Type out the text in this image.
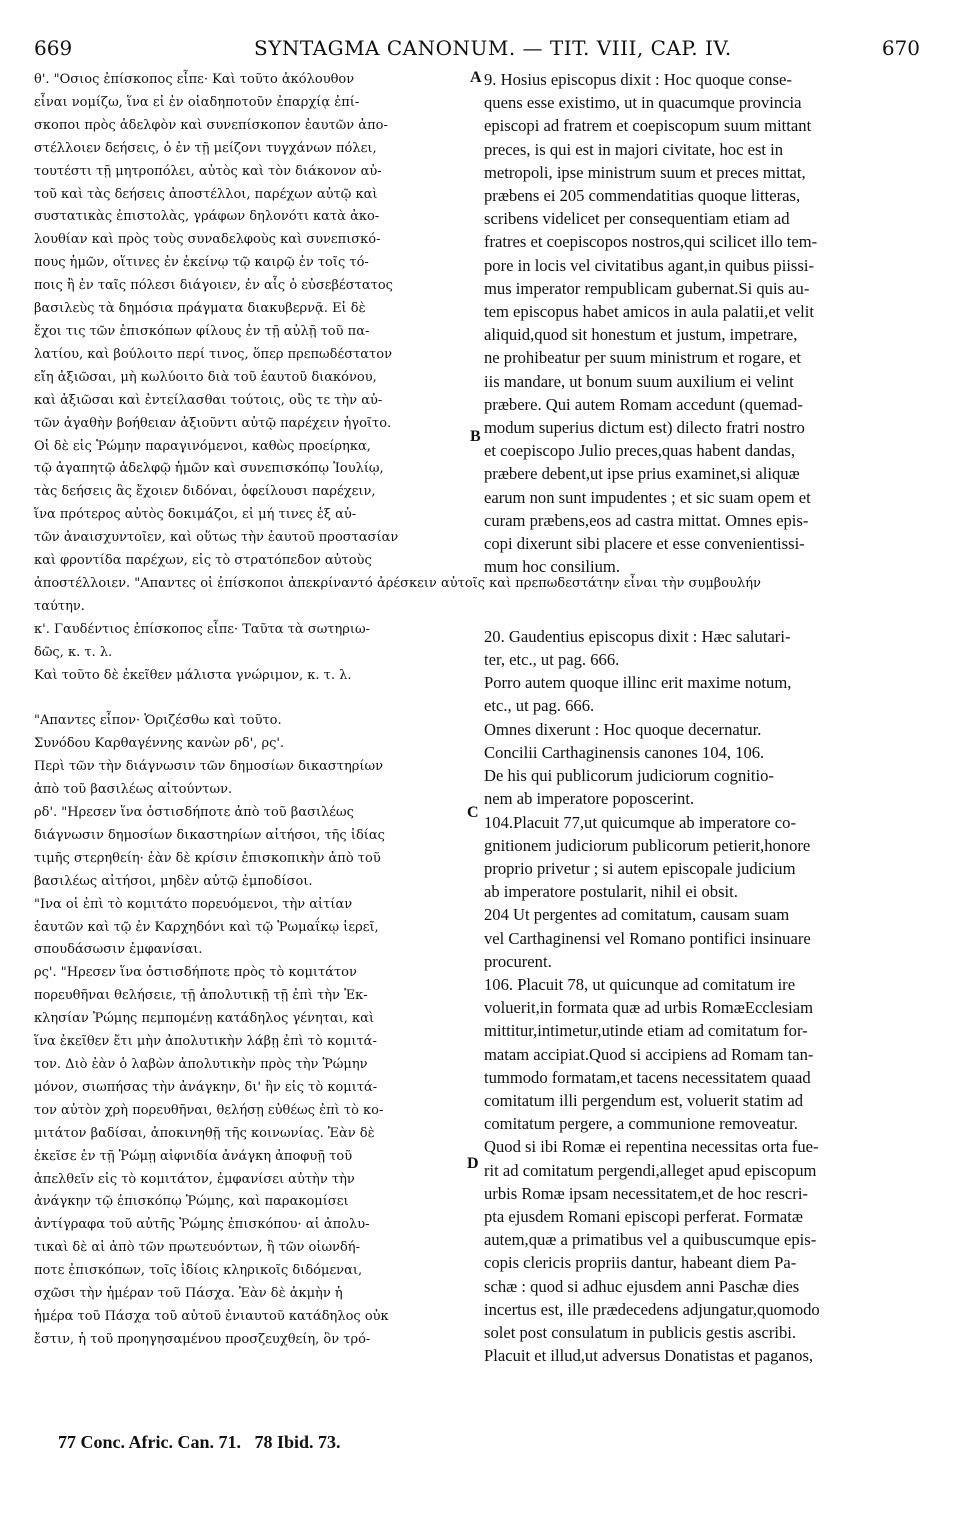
669	SYNTAGMA CANONUM. — TIT. VIII, CAP. IV.	670
θ'. "Οσιος ἐπίσκοπος εἶπε· Καὶ τοῦτο ἀκόλουθον
εἶναι νομίζω, ἵνα εἰ ἐν οἱαδηποτοῦν ἐπαρχίᾳ ἐπί-
σκοποι πρὸς ἀδελφὸν καὶ συνεπίσκοπον ἑαυτῶν ἀπο-
στέλλοιεν δεήσεις, ὁ ἐν τῇ μείζονι τυγχάνων πόλει,
τουτέστι τῇ μητροπόλει, αὐτὸς καὶ τὸν διάκονον αὐ-
τοῦ καὶ τὰς δεήσεις ἀποστέλλοι, παρέχων αὐτῷ καὶ
συστατικὰς ἐπιστολὰς, γράφων δηλονότι κατὰ ἀκο-
λουθίαν καὶ πρὸς τοὺς συναδελφοὺς καὶ συνεπισκό-
πους ἡμῶν, οἵτινες ἐν ἐκείνῳ τῷ καιρῷ ἐν τοῖς τό-
ποις ἢ ἐν ταῖς πόλεσι διάγοιεν, ἐν αἷς ὁ εὐσεβέστατος
βασιλεὺς τὰ δημόσια πράγματα διακυβερνᾷ. Εἰ δὲ
ἔχοι τις τῶν ἐπισκόπων φίλους ἐν τῇ αὐλῇ τοῦ πα-
λατίου, καὶ βούλοιτο περί τινος, ὅπερ πρεπωδέστατον
εἴη ἀξιῶσαι, μὴ κωλύοιτο διὰ τοῦ ἑαυτοῦ διακόνου,
καὶ ἀξιῶσαι καὶ ἐντείλασθαι τούτοις, οὓς τε τὴν αὐ-
τῶν ἀγαθὴν βοήθειαν ἀξιοῦντι αὐτῷ παρέχειν ἡγοῖτο.
Οἱ δὲ εἰς Ῥώμην παραγινόμενοι, καθὼς προείρηκα,
τῷ ἀγαπητῷ ἀδελφῷ ἡμῶν καὶ συνεπισκόπῳ Ἰουλίῳ,
τὰς δεήσεις ἃς ἔχοιεν διδόναι, ὀφείλουσι παρέχειν,
ἵνα πρότερος αὐτὸς δοκιμάζοι, εἰ μή τινες ἐξ αὐ-
τῶν ἀναισχυντοῖεν, καὶ οὕτως τὴν ἑαυτοῦ προστασίαν
καὶ φροντίδα παρέχων, εἰς τὸ στρατόπεδον αὐτοὺς
ἀποστέλλοιεν. "Απαντες οἱ ἐπίσκοποι ἀπεκρίναντό ἀρέσκειν αὐτοῖς καὶ πρεπωδεστάτην εἶναι τὴν συμβουλήν
ταύτην.
κ'. Γαυδέντιος ἐπίσκοπος εἶπε· Ταῦτα τὰ σωτηριω-
δῶς, κ. τ. λ.
Καὶ τοῦτο δὲ ἐκεῖθεν μάλιστα γνώριμον, κ. τ. λ.

"Απαντες εἶπον· Ὁριζέσθω καὶ τοῦτο.
Συνόδου Καρθαγέννης κανὼν ρδ', ρς'.
Περὶ τῶν τὴν διάγνωσιν τῶν δημοσίων δικαστηρίων
ἀπὸ τοῦ βασιλέως αἰτούντων.
ρδ'. "Ηρεσεν ἵνα ὁστισδήποτε ἀπὸ τοῦ βασιλέως
διάγνωσιν δημοσίων δικαστηρίων αἰτήσοι, τῆς ἰδίας
τιμῆς στερηθείη· ἐὰν δὲ κρίσιν ἐπισκοπικὴν ἀπὸ τοῦ
βασιλέως αἰτήσοι, μηδὲν αὐτῷ ἐμποδίσοι.
"Ινα οἱ ἐπὶ τὸ κομιτάτο πορευόμενοι, τὴν αἰτίαν
ἑαυτῶν καὶ τῷ ἐν Καρχηδόνι καὶ τῷ Ῥωμαΐκῳ ἱερεῖ,
σπουδάσωσιν ἐμφανίσαι.
ρς'. "Ηρεσεν ἵνα ὁστισδήποτε πρὸς τὸ κομιτάτον
πορευθῆναι θελήσειε, τῇ ἀπολυτικῇ τῇ ἐπὶ τὴν Ἐκ-
κλησίαν Ῥώμης πεμπομένῃ κατάδηλος γένηται, καὶ
ἵνα ἐκεῖθεν ἔτι μὴν ἀπολυτικὴν λάβῃ ἐπὶ τὸ κομιτά-
τον. Διὸ ἐὰν ὁ λαβὼν ἀπολυτικὴν πρὸς τὴν Ῥώμην
μόνον, σιωπήσας τὴν ἀνάγκην, δι' ἣν εἰς τὸ κομιτά-
τον αὐτὸν χρὴ πορευθῆναι, θελήσῃ εὐθέως ἐπὶ τὸ κο-
μιτάτον βαδίσαι, ἀποκινηθῇ τῆς κοινωνίας. Ἐὰν δὲ
ἐκεῖσε ἐν τῇ Ῥώμῃ αἰφνιδία ἀνάγκη ἀποφυῇ τοῦ
ἀπελθεῖν εἰς τὸ κομιτάτον, ἐμφανίσει αὐτὴν τὴν
ἀνάγκην τῷ ἐπισκόπῳ Ῥώμης, καὶ παρακομίσει
ἀντίγραφα τοῦ αὐτῆς Ῥώμης ἐπισκόπου· αἱ ἀπολυ-
τικαὶ δὲ αἱ ἀπὸ τῶν πρωτευόντων, ἢ τῶν οἱωνδή-
ποτε ἐπισκόπων, τοῖς ἰδίοις κληρικοῖς διδόμεναι,
σχῶσι τὴν ἡμέραν τοῦ Πάσχα. Ἐὰν δὲ ἀκμὴν ἡ
ἡμέρα τοῦ Πάσχα τοῦ αὐτοῦ ἐνιαυτοῦ κατάδηλος οὐκ
ἔστιν, ἡ τοῦ προηγησαμένου προσζευχθείη, ὃν τρό-
9. Hosius episcopus dixit : Hoc quoque conse-
quens esse existimo, ut in quacumque provincia
episcopi ad fratrem et coepiscopum suum mittant
preces, is qui est in majori civitate, hoc est in
metropoli, ipse ministrum suum et preces mittat,
præbens ei 205 commendatitias quoque litteras,
scribens videlicet per consequentiam etiam ad
fratres et coepiscopos nostros,qui scilicet illo tem-
pore in locis vel civitatibus agant,in quibus piissi-
mus imperator rempublicam gubernat.Si quis au-
tem episcopus habet amicos in aula palatii,et velit
aliquid,quod sit honestum et justum, impetrare,
ne prohibeatur per suum ministrum et rogare, et
iis mandare, ut bonum suum auxilium ei velint
præbere. Qui autem Romam accedunt (quemad-
modum superius dictum est) dilecto fratri nostro
et coepiscopo Julio preces,quas habent dandas,
præbere debent,ut ipse prius examinet,si aliquæ
earum non sunt impudentes ; et sic suam opem et
curam præbens,eos ad castra mittat. Omnes epis-
copi dixerunt sibi placere et esse convenientissi-
mum hoc consilium.

20. Gaudentius episcopus dixit : Hæc salutari-
ter, etc., ut pag. 666.
Porro autem quoque illinc erit maxime notum,
etc., ut pag. 666.
Omnes dixerunt : Hoc quoque decernatur.
Concilii Carthaginensis canones 104, 106.
De his qui publicorum judiciorum cognitio-
nem ab imperatore poposcerint.
104.Placuit 77,ut quicumque ab imperatore co-
gnitionem judiciorum publicorum petierit,honore
proprio privetur ; si autem episcopale judicium
ab imperatore postularit, nihil ei obsit.
204 Ut pergentes ad comitatum, causam suam
vel Carthaginensi vel Romano pontifici insinuare
procurent.
106. Placuit 78, ut quicunque ad comitatum ire
voluerit,in formata quæ ad urbis RomæEcclesiam
mittitur,intimetur,utinde etiam ad comitatum for-
matam accipiat.Quod si accipiens ad Romam tan-
tummodo formatam,et tacens necessitatem quaad
comitatum illi pergendum est, voluerit statim ad
comitatum pergere, a communione removeatur.
Quod si ibi Romæ ei repentina necessitas orta fue-
rit ad comitatum pergendi,alleget apud episcopum
urbis Romæ ipsam necessitatem,et de hoc rescri-
pta ejusdem Romani episcopi perferat. Formatæ
autem,quæ a primatibus vel a quibuscumque epis-
copis clericis propriis dantur, habeant diem Pa-
schæ : quod si adhuc ejusdem anni Paschæ dies
incertus est, ille prædecedens adjungatur,quomodo
solet post consulatum in publicis gestis ascribi.
Placuit et illud,ut adversus Donatistas et paganos,
A
B
C
D
77 Conc. Afric. Can. 71.   78 Ibid. 73.
